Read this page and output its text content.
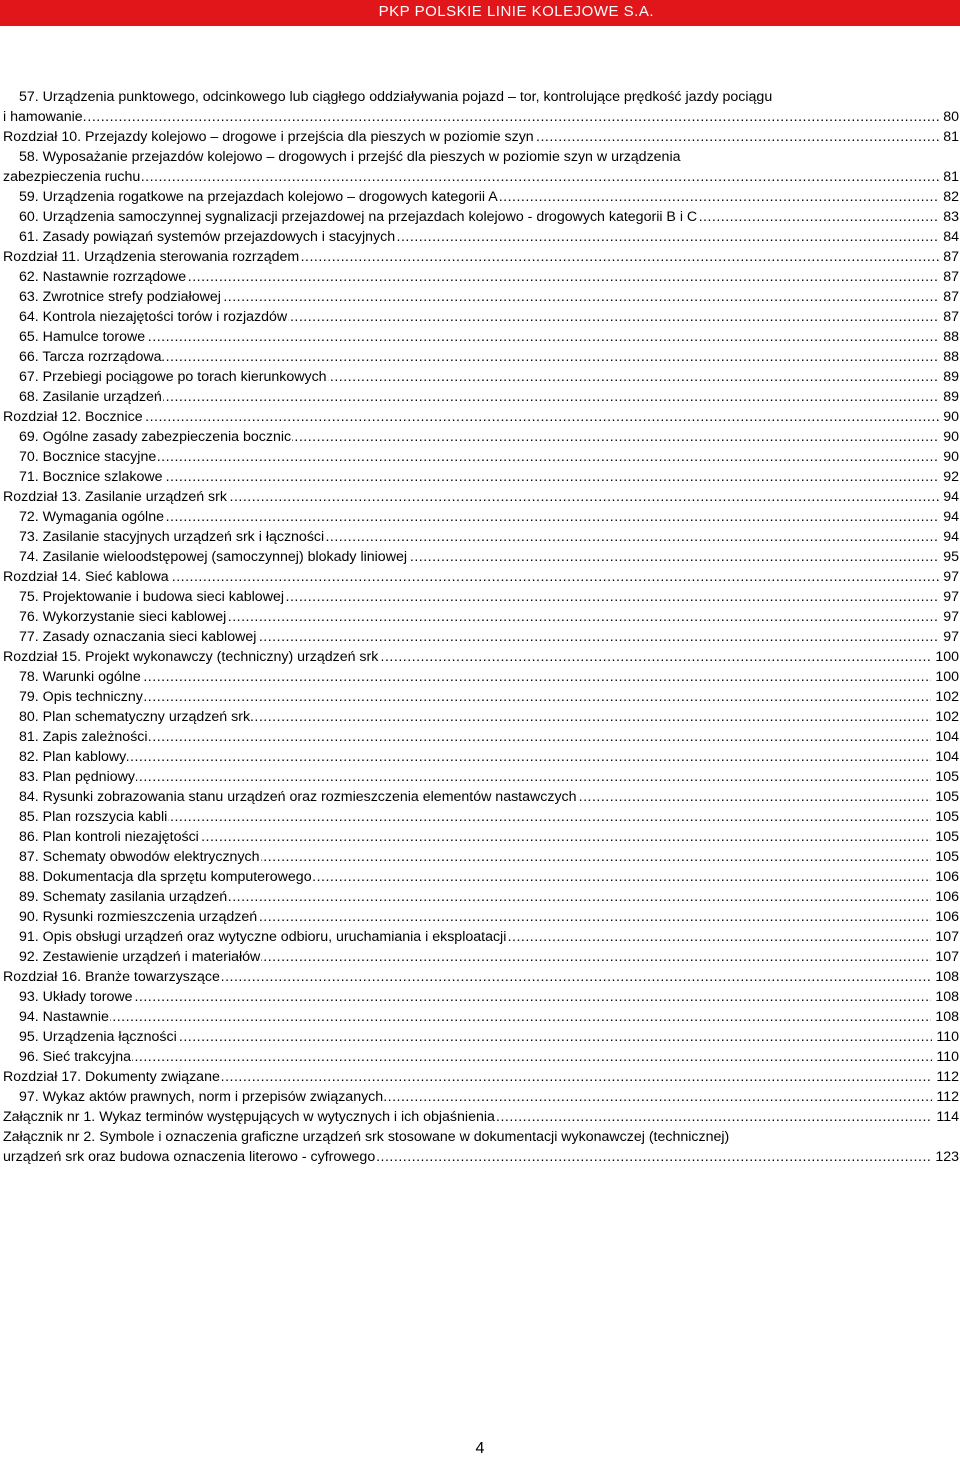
PKP POLSKIE LINIE KOLEJOWE S.A.
57. Urządzenia punktowego, odcinkowego lub ciągłego oddziaływania pojazd – tor, kontrolujące prędkość jazdy pociągu
.....
i hamowanie.	80
.....
Rozdział 10. Przejazdy kolejowo – drogowe i przejścia dla pieszych w poziomie szyn	81
58. Wyposażanie przejazdów kolejowo – drogowych i przejść dla pieszych w poziomie szyn w urządzenia
.....
zabezpieczenia ruchu	81
.....
59. Urządzenia rogatkowe na przejazdach kolejowo – drogowych kategorii A	82
.....
60. Urządzenia samoczynnej sygnalizacji przejazdowej na przejazdach kolejowo - drogowych kategorii B i C	83
.....
61. Zasady powiązań systemów przejazdowych i stacyjnych	84
.....
Rozdział 11. Urządzenia sterowania rozrządem	87
.....
62. Nastawnie rozrządowe	87
.....
63. Zwrotnice strefy podziałowej	87
.....
64. Kontrola niezajętości torów i rozjazdów	87
.....
65. Hamulce torowe	88
.....
66. Tarcza rozrządowa	88
.....
67. Przebiegi pociągowe po torach kierunkowych	89
.....
68. Zasilanie urządzeń	89
.....
Rozdział 12. Bocznice	90
.....
69. Ogólne zasady zabezpieczenia bocznic	90
.....
70. Bocznice stacyjne	90
.....
71. Bocznice szlakowe	92
.....
Rozdział 13. Zasilanie urządzeń srk	94
.....
72. Wymagania ogólne	94
.....
73. Zasilanie stacyjnych urządzeń srk i łączności	94
.....
74. Zasilanie wieloodstępowej (samoczynnej) blokady liniowej	95
.....
Rozdział 14. Sieć kablowa	97
.....
75. Projektowanie i budowa sieci kablowej	97
.....
76. Wykorzystanie sieci kablowej	97
.....
77. Zasady oznaczania sieci kablowej	97
.....
Rozdział 15. Projekt wykonawczy (techniczny) urządzeń srk	100
.....
78. Warunki ogólne	100
.....
79. Opis techniczny	102
.....
80. Plan schematyczny urządzeń srk	102
.....
81. Zapis zależności	104
.....
82. Plan kablowy	104
.....
83. Plan pędniowy	105
.....
84. Rysunki zobrazowania stanu urządzeń oraz rozmieszczenia elementów nastawczych	105
.....
85. Plan rozszycia kabli	105
.....
86. Plan kontroli niezajętości	105
.....
87. Schematy obwodów elektrycznych	105
.....
88. Dokumentacja dla sprzętu komputerowego	106
.....
89. Schematy zasilania urządzeń	106
.....
90. Rysunki rozmieszczenia urządzeń	106
.....
91. Opis obsługi urządzeń oraz wytyczne odbioru, uruchamiania i eksploatacji	107
.....
92. Zestawienie urządzeń i materiałów	107
.....
Rozdział 16. Branże towarzyszące	108
.....
93. Układy torowe	108
.....
94. Nastawnie	108
.....
95. Urządzenia łączności	110
.....
96. Sieć trakcyjna	110
.....
Rozdział 17. Dokumenty związane	112
.....
97. Wykaz aktów prawnych, norm i przepisów związanych	112
.....
Załącznik nr 1. Wykaz terminów występujących w wytycznych i ich objaśnienia	114
Załącznik nr 2. Symbole i oznaczenia graficzne urządzeń srk stosowane w dokumentacji wykonawczej (technicznej)
.....
urządzeń srk oraz budowa oznaczenia literowo - cyfrowego	123
4
